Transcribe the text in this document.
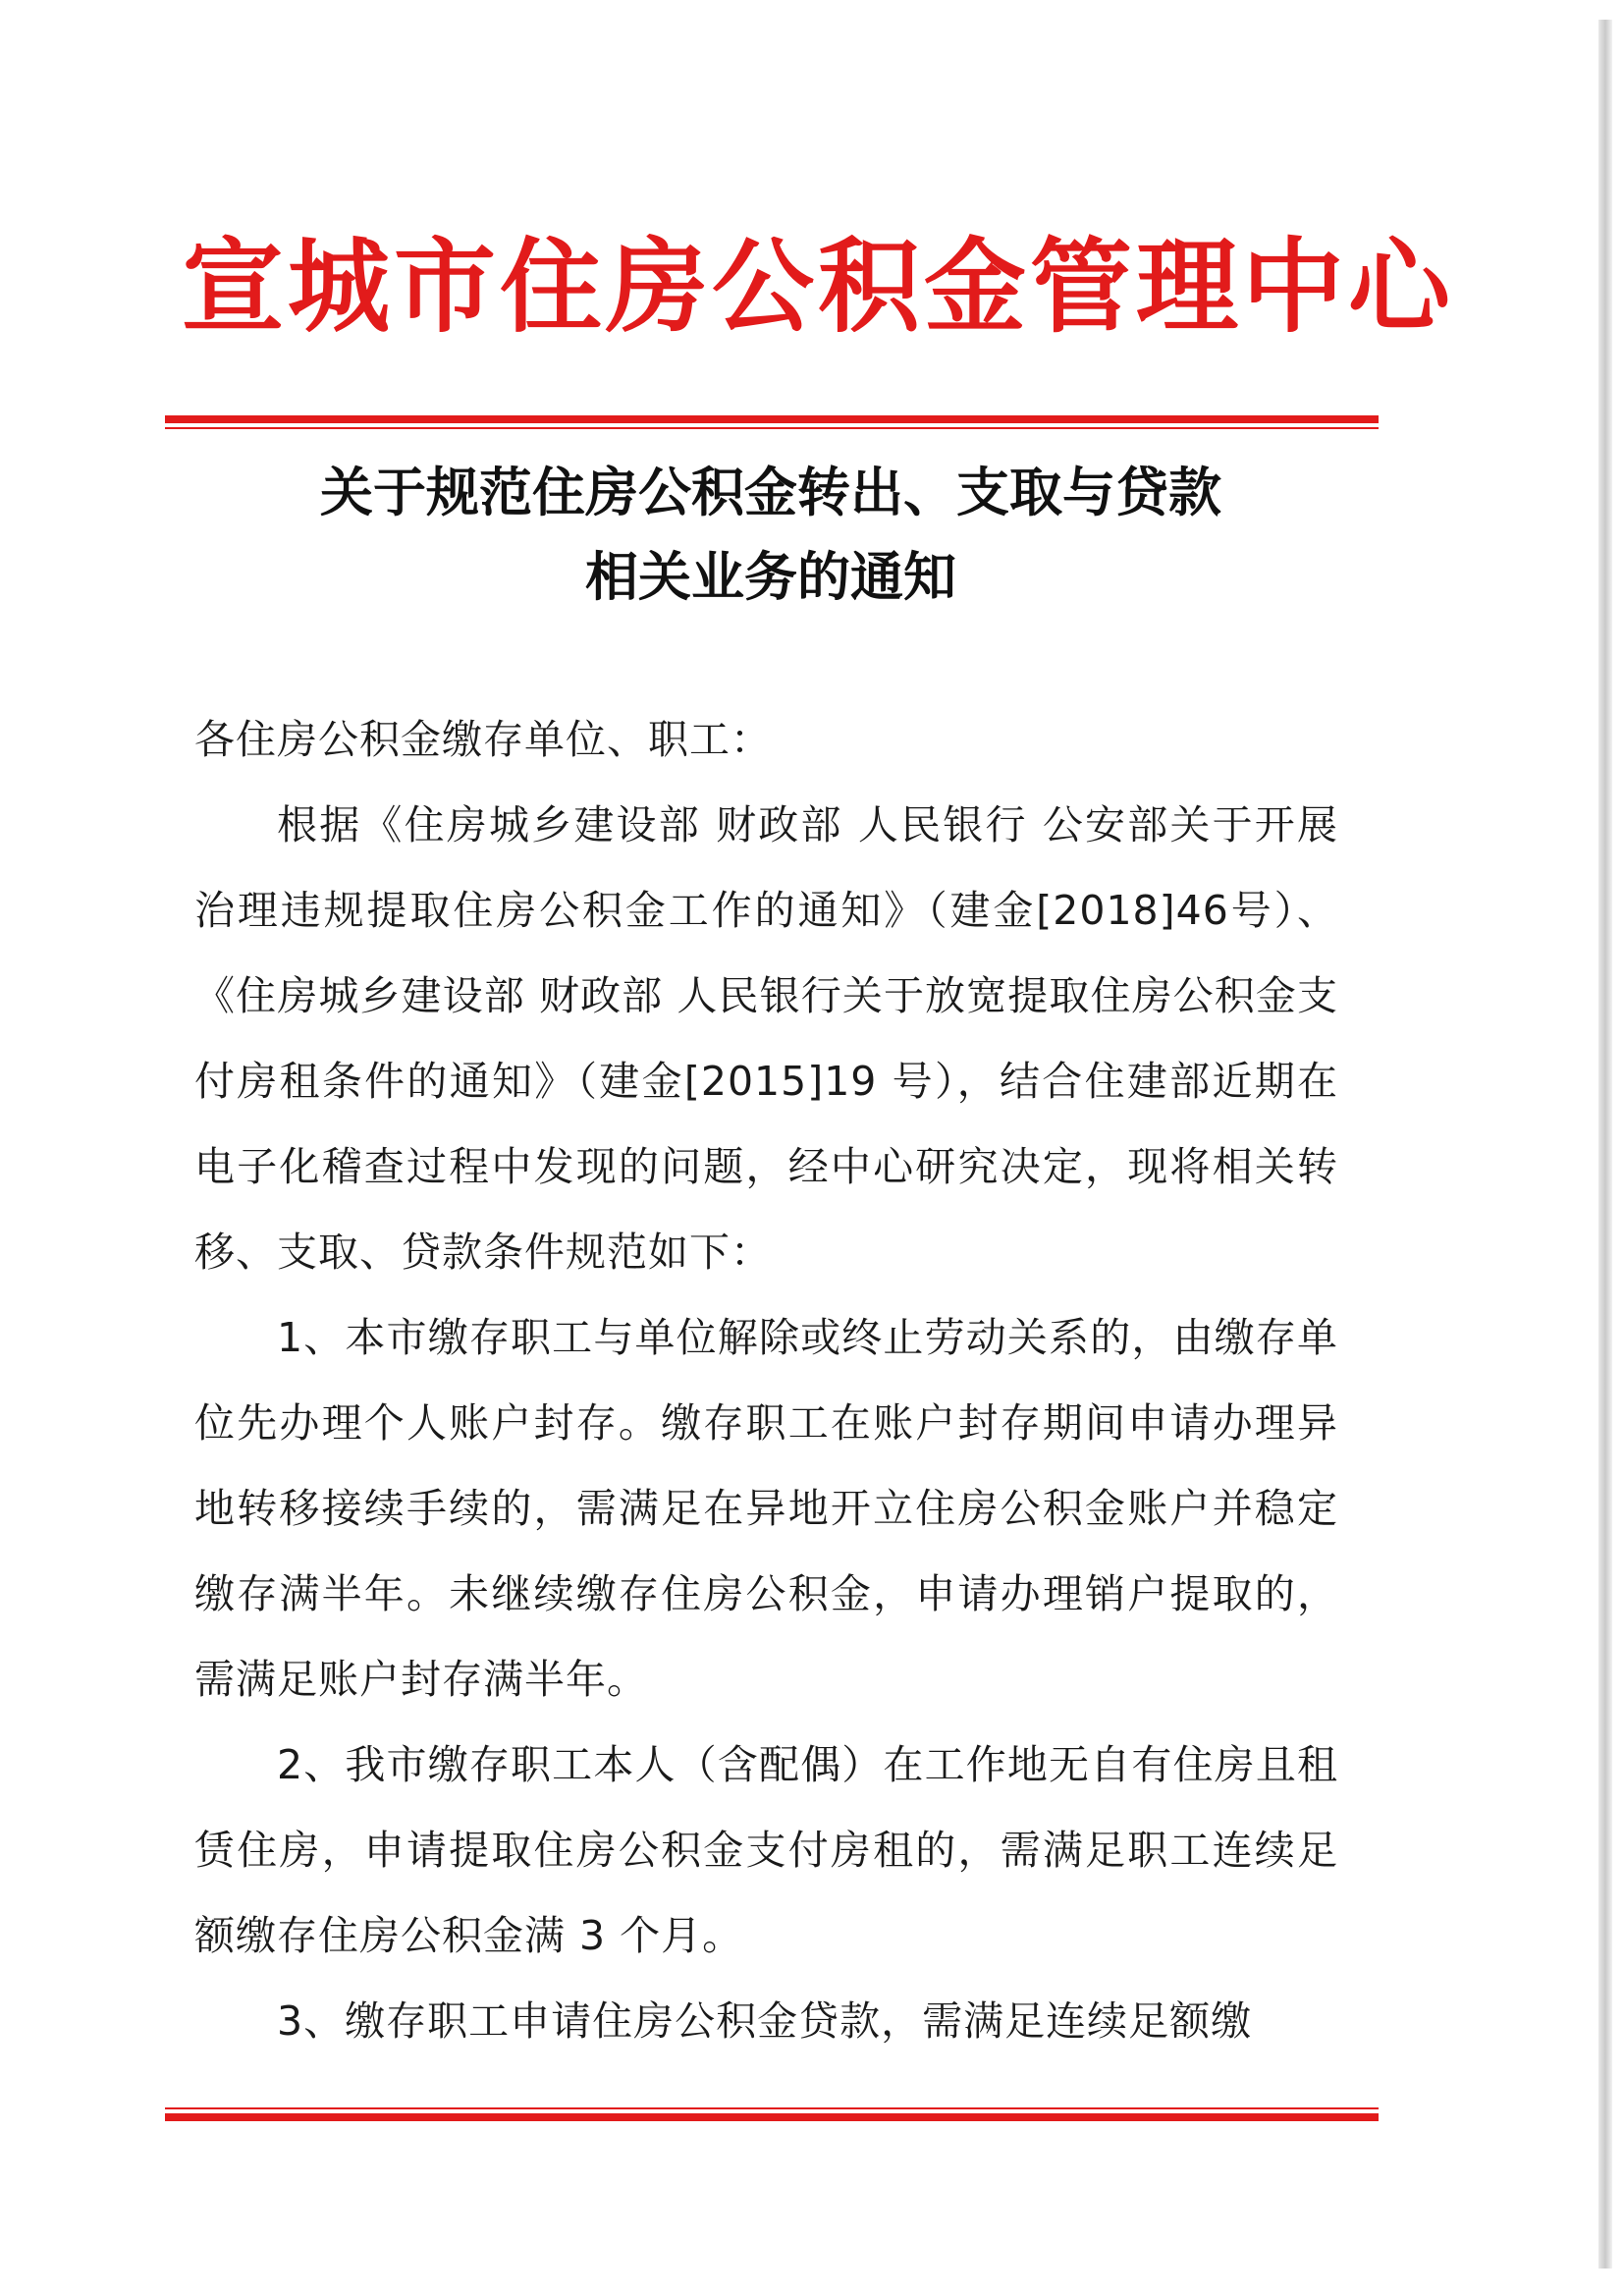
宣城市住房公积金管理中心
关于规范住房公积金转出、支取与贷款
相关业务的通知

各住房公积金缴存单位、职工：

根据《住房城乡建设部 财政部 人民银行 公安部关于开展治理违规提取住房公积金工作的通知》（建金[2018]46号）、《住房城乡建设部 财政部 人民银行关于放宽提取住房公积金支付房租条件的通知》（建金[2015]19 号），结合住建部近期在电子化稽查过程中发现的问题，经中心研究决定，现将相关转移、支取、贷款条件规范如下：

1、本市缴存职工与单位解除或终止劳动关系的，由缴存单位先办理个人账户封存。缴存职工在账户封存期间申请办理异地转移接续手续的，需满足在异地开立住房公积金账户并稳定缴存满半年。未继续缴存住房公积金，申请办理销户提取的，需满足账户封存满半年。

2、我市缴存职工本人（含配偶）在工作地无自有住房且租赁住房，申请提取住房公积金支付房租的，需满足职工连续足额缴存住房公积金满 3 个月。

3、缴存职工申请住房公积金贷款，需满足连续足额缴
